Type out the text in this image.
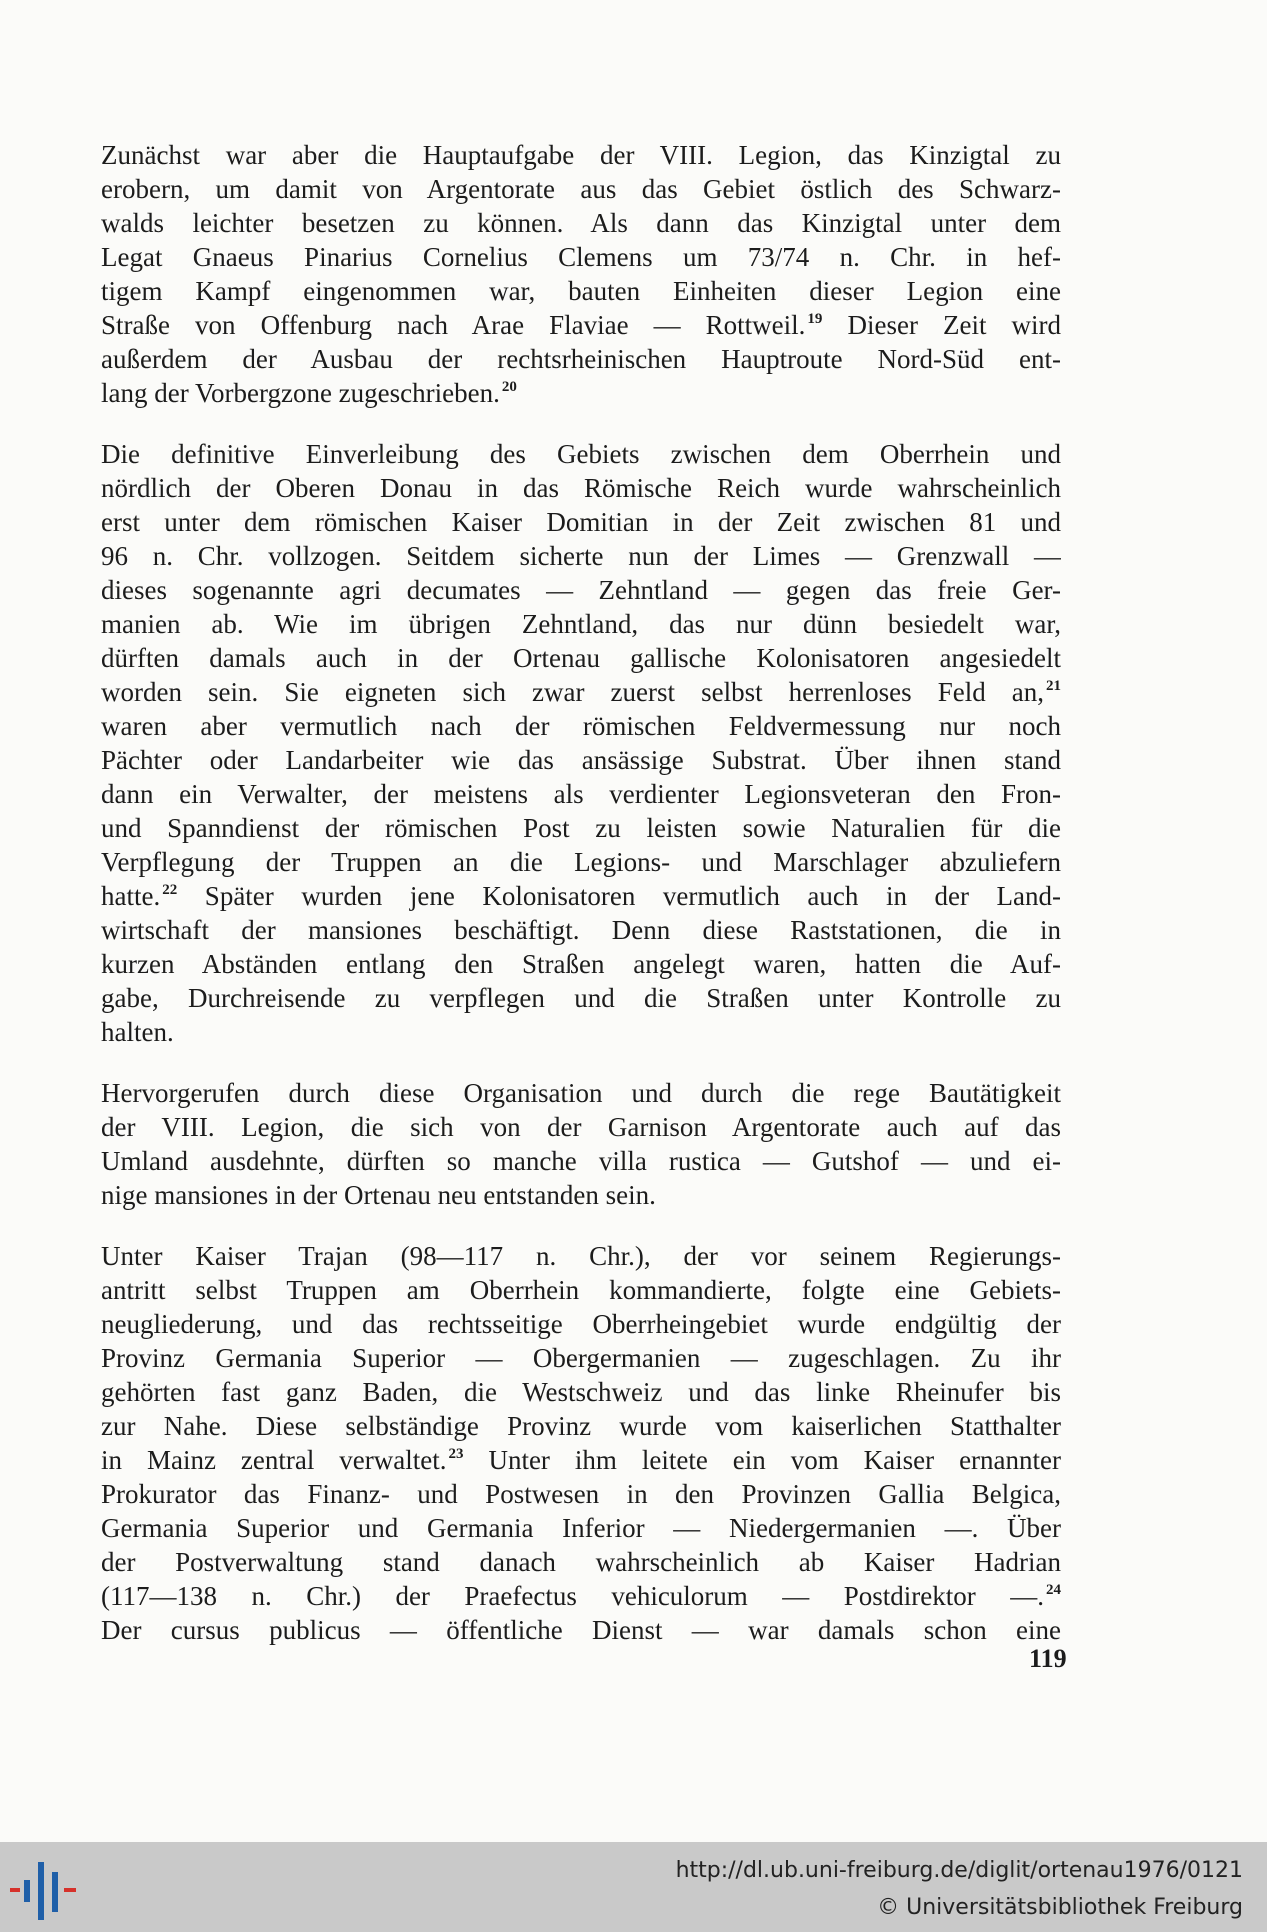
Zunächst war aber die Hauptaufgabe der VIII. Legion, das Kinzigtal zu
erobern, um damit von Argentorate aus das Gebiet östlich des Schwarz-
walds leichter besetzen zu können. Als dann das Kinzigtal unter dem
Legat Gnaeus Pinarius Cornelius Clemens um 73/74 n. Chr. in hef-
tigem Kampf eingenommen war, bauten Einheiten dieser Legion eine
Straße von Offenburg nach Arae Flaviae — Rottweil. $^{19}$ Dieser Zeit wird
außerdem der Ausbau der rechtsrheinischen Hauptroute Nord-Süd ent-
lang der Vorbergzone zugeschrieben. $^{20}$
Die definitive Einverleibung des Gebiets zwischen dem Oberrhein und
nördlich der Oberen Donau in das Römische Reich wurde wahrscheinlich
erst unter dem römischen Kaiser Domitian in der Zeit zwischen 81 und
96 n. Chr. vollzogen. Seitdem sicherte nun der Limes — Grenzwall —
dieses sogenannte agri decumates — Zehntland — gegen das freie Ger-
manien ab. Wie im übrigen Zehntland, das nur dünn besiedelt war,
dürften damals auch in der Ortenau gallische Kolonisatoren angesiedelt
worden sein. Sie eigneten sich zwar zuerst selbst herrenloses Feld an, $^{21}$
waren aber vermutlich nach der römischen Feldvermessung nur noch
Pächter oder Landarbeiter wie das ansässige Substrat. Über ihnen stand
dann ein Verwalter, der meistens als verdienter Legionsveteran den Fron-
und Spanndienst der römischen Post zu leisten sowie Naturalien für die
Verpflegung der Truppen an die Legions- und Marschlager abzuliefern
hatte. $^{22}$ Später wurden jene Kolonisatoren vermutlich auch in der Land-
wirtschaft der mansiones beschäftigt. Denn diese Raststationen, die in
kurzen Abständen entlang den Straßen angelegt waren, hatten die Auf-
gabe, Durchreisende zu verpflegen und die Straßen unter Kontrolle zu
halten.
Hervorgerufen durch diese Organisation und durch die rege Bautätigkeit
der VIII. Legion, die sich von der Garnison Argentorate auch auf das
Umland ausdehnte, dürften so manche villa rustica — Gutshof — und ei-
nige mansiones in der Ortenau neu entstanden sein.
Unter Kaiser Trajan (98—117 n. Chr.), der vor seinem Regierungs-
antritt selbst Truppen am Oberrhein kommandierte, folgte eine Gebiets-
neugliederung, und das rechtsseitige Oberrheingebiet wurde endgültig der
Provinz Germania Superior — Obergermanien — zugeschlagen. Zu ihr
gehörten fast ganz Baden, die Westschweiz und das linke Rheinufer bis
zur Nahe. Diese selbständige Provinz wurde vom kaiserlichen Statthalter
in Mainz zentral verwaltet. $^{23}$ Unter ihm leitete ein vom Kaiser ernannter
Prokurator das Finanz- und Postwesen in den Provinzen Gallia Belgica,
Germania Superior und Germania Inferior — Niedergermanien —. Über
der Postverwaltung stand danach wahrscheinlich ab Kaiser Hadrian
(117—138 n. Chr.) der Praefectus vehiculorum — Postdirektor —. $^{24}$
Der cursus publicus — öffentliche Dienst — war damals schon eine
119
http://dl.ub.uni-freiburg.de/diglit/ortenau1976/0121
© Universitätsbibliothek Freiburg
